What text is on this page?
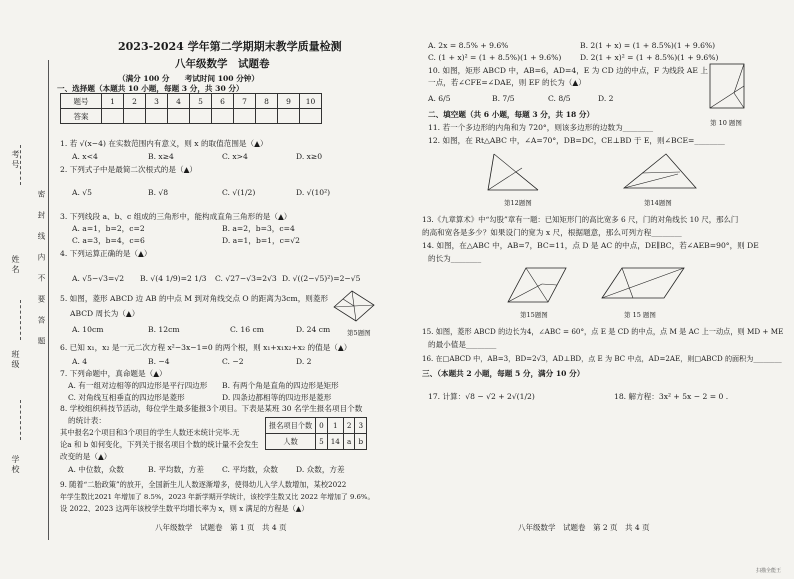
考号
姓名
班级
学校
密　封　线　内　不　要　答　题
2023-2024 学年第二学期期末教学质量检测
八年级数学　试题卷
（满分 100 分　　考试时间 100 分钟）
一、选择题（本题共 10 小题，每题 3 分，共 30 分）
题号	1	2	3	4	5	6	7	8	9	10
答案										
1. 若 √(x−4) 在实数范围内有意义，则 x 的取值范围是（▲）
A. x<4	B. x≥4	C. x>4	D. x≥0
2. 下列式子中是最简二次根式的是（▲）
A. √5	B. √8	C. √(1/2)	D. √(10²)
3. 下列线段 a、b、c 组成的三角形中，能构成直角三角形的是（▲）
A. a=1，b=2，c=2	B. a=2，b=3，c=4
C. a=3，b=4，c=6	D. a=1，b=1，c=√2
4. 下列运算正确的是（▲）
A. √5−√3=√2 B. √(4 1/9)=2 1/3 C. √27−√3=2√3 D. √((2−√5)²)=2−√5
5. 如图，菱形 ABCD 边 AB 的中点 M 到对角线交点 O 的距离为3cm，则菱形
ABCD 周长为（▲）
A. 10cm	B. 12cm	C. 16 cm	D. 24 cm	第5题图
6. 已知 x₁，x₂ 是一元二次方程 x²−3x−1=0 的两个根，则 x₁+x₁x₂+x₂ 的值是（▲）
A. 4	B. −4	C. −2	D. 2
7. 下列命题中，真命题是（▲）
A. 有一组对边相等的四边形是平行四边形 B. 有两个角是直角的四边形是矩形
C. 对角线互相垂直的四边形是菱形	D. 四条边都相等的四边形是菱形
8. 学校组织科技节活动，每位学生最多能报3个项目。下表是某班 30 名学生报名项目个数
的统计表：
其中报名2个项目和3个项目的学生人数还未统计完毕.无
论a 和 b 如何变化，下列关于报名项目个数的统计量不会发生
改变的是（▲）
报名项目个数	0	1	2	3
人数	5	14	a	b
A. 中位数，众数	B. 平均数，方差 C. 平均数，众数 D. 众数，方差
9. 随着“二胎政策”的放开，全国新生儿人数逐渐增多，使得幼儿入学人数增加，某校2022
年学生数比2021 年增加了 8.5%，2023 年新学期开学统计，该校学生数又比 2022 年增加了 9.6%。
设 2022、2023 这两年该校学生数平均增长率为 x，则 x 满足的方程是（▲）
八年级数学　试题卷　第 1 页　共 4 页
A. 2x = 8.5% + 9.6%	B. 2(1 + x) = (1 + 8.5%)(1 + 9.6%)
C. (1 + x)² = (1 + 8.5%)(1 + 9.6%) D. 2(1 + x)² = (1 + 8.5%)(1 + 9.6%)
10. 如图，矩形 ABCD 中，AB=6，AD=4，E 为 CD 边的中点，F 为线段 AE 上
一点，若∠CFE=∠DAE，则 EF 的长为（▲）
A. 6/5	B. 7/5	C. 8/5	D. 2
第 10 题图
二、填空题（共 6 小题，每题 3 分，共 18 分）
11. 若一个多边形的内角和为 720°，则该多边形的边数为________
12. 如图，在 Rt△ABC 中，∠A=70°，DB=DC，CE⊥BD 于 E，则∠BCE=________
第12题图	第14题图
13.《九章算术》中“勾股”章有一题：已知矩形门的高比宽多 6 尺，门的对角线长 10 尺，那么门
的高和宽各是多少？如果设门的宽为 x 尺，根据题意，那么可列方程________
14. 如图，在△ABC 中，AB=7，BC=11，点 D 是 AC 的中点，DE∥BC，若∠AEB=90°，则 DE
的长为________
第15题图	第 15 题图
15. 如图，菱形 ABCD 的边长为4，∠ABC = 60°，点 E 是 CD 的中点，点 M 是 AC 上一动点，则 MD + ME
的最小值是________
16. 在□ABCD 中，AB=3，BD=2√3，AD⊥BD，点 E 为 BC 中点，AD=2AE，则□ABCD 的面积为________
三、（本题共 2 小题，每题 5 分，满分 10 分）
17. 计算：√8 − √2 + 2√(1/2)	18. 解方程：3x² + 5x − 2 = 0 .
八年级数学　试题卷　第 2 页　共 4 页
扫描全能王
